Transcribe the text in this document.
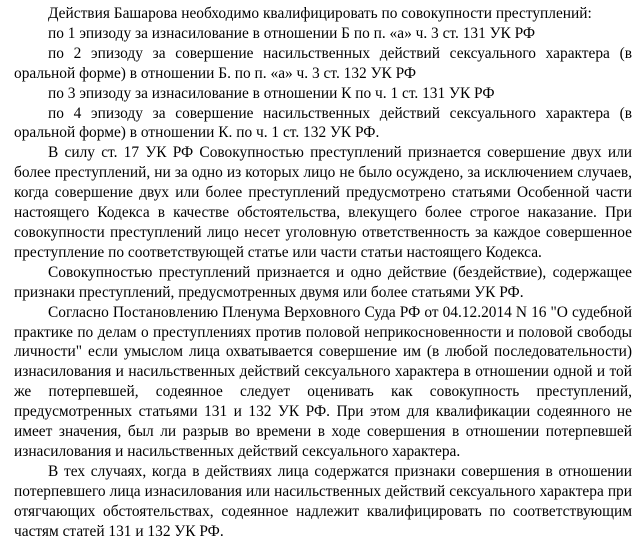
Действия Башарова необходимо квалифицировать по совокупности преступлений:

по 1 эпизоду за изнасилование в отношении Б по п. «а» ч. 3 ст. 131 УК РФ

по 2 эпизоду за совершение насильственных действий сексуального характера (в оральной форме) в отношении Б. по п. «а» ч. 3 ст. 132 УК РФ

по 3 эпизоду за изнасилование в отношении К по ч. 1 ст. 131 УК РФ

по 4 эпизоду за совершение насильственных действий сексуального характера (в оральной форме) в отношении К. по ч. 1 ст. 132 УК РФ.

В силу ст. 17 УК РФ Совокупностью преступлений признается совершение двух или более преступлений, ни за одно из которых лицо не было осуждено, за исключением случаев, когда совершение двух или более преступлений предусмотрено статьями Особенной части настоящего Кодекса в качестве обстоятельства, влекущего более строгое наказание. При совокупности преступлений лицо несет уголовную ответственность за каждое совершенное преступление по соответствующей статье или части статьи настоящего Кодекса.

Совокупностью преступлений признается и одно действие (бездействие), содержащее признаки преступлений, предусмотренных двумя или более статьями УК РФ.

Согласно Постановлению Пленума Верховного Суда РФ от 04.12.2014 N 16 "О судебной практике по делам о преступлениях против половой неприкосновенности и половой свободы личности" если умыслом лица охватывается совершение им (в любой последовательности) изнасилования и насильственных действий сексуального характера в отношении одной и той же потерпевшей, содеянное следует оценивать как совокупность преступлений, предусмотренных статьями 131 и 132 УК РФ. При этом для квалификации содеянного не имеет значения, был ли разрыв во времени в ходе совершения в отношении потерпевшей изнасилования и насильственных действий сексуального характера.

В тех случаях, когда в действиях лица содержатся признаки совершения в отношении потерпевшего лица изнасилования или насильственных действий сексуального характера при отягчающих обстоятельствах, содеянное надлежит квалифицировать по соответствующим частям статей 131 и 132 УК РФ.
